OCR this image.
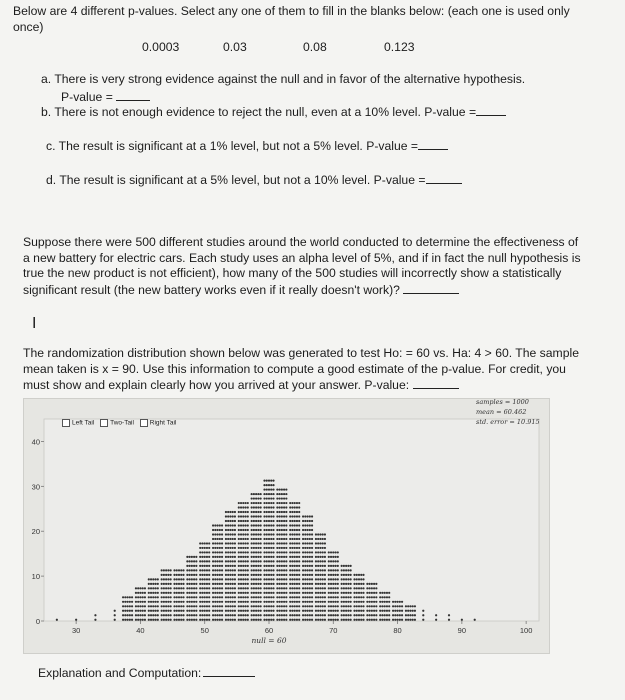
Below are 4 different p-values. Select any one of them to fill in the blanks below: (each one is used only
once)
0.0003	0.03	0.08	0.123
a. There is very strong evidence against the null and in favor of the alternative hypothesis.
P-value =
b. There is not enough evidence to reject the null, even at a 10% level. P-value =
c. The result is significant at a 1% level, but not a 5% level. P-value =
d. The result is significant at a 5% level, but not a 10% level. P-value =
Suppose there were 500 different studies around the world conducted to determine the effectiveness of
a new battery for electric cars. Each study uses an alpha level of 5%, and if in fact the null hypothesis is
true the new product is not efficient), how many of the 500 studies will incorrectly show a statistically
significant result (the new battery works even if it really doesn't work)?
I
The randomization distribution shown below was generated to test Ho: = 60 vs. Ha: 4 > 60. The sample
mean taken is x = 90. Use this information to compute a good estimate of the p-value. For credit, you
must show and explain clearly how you arrived at your answer. P-value:
0
10
20
30
40
30	40	50	60	70	80	90	100
null = 60
Left Tail Two-Tail Right Tail
samples = 1000
mean = 60.462
std. error = 10.915
Explanation and Computation:
